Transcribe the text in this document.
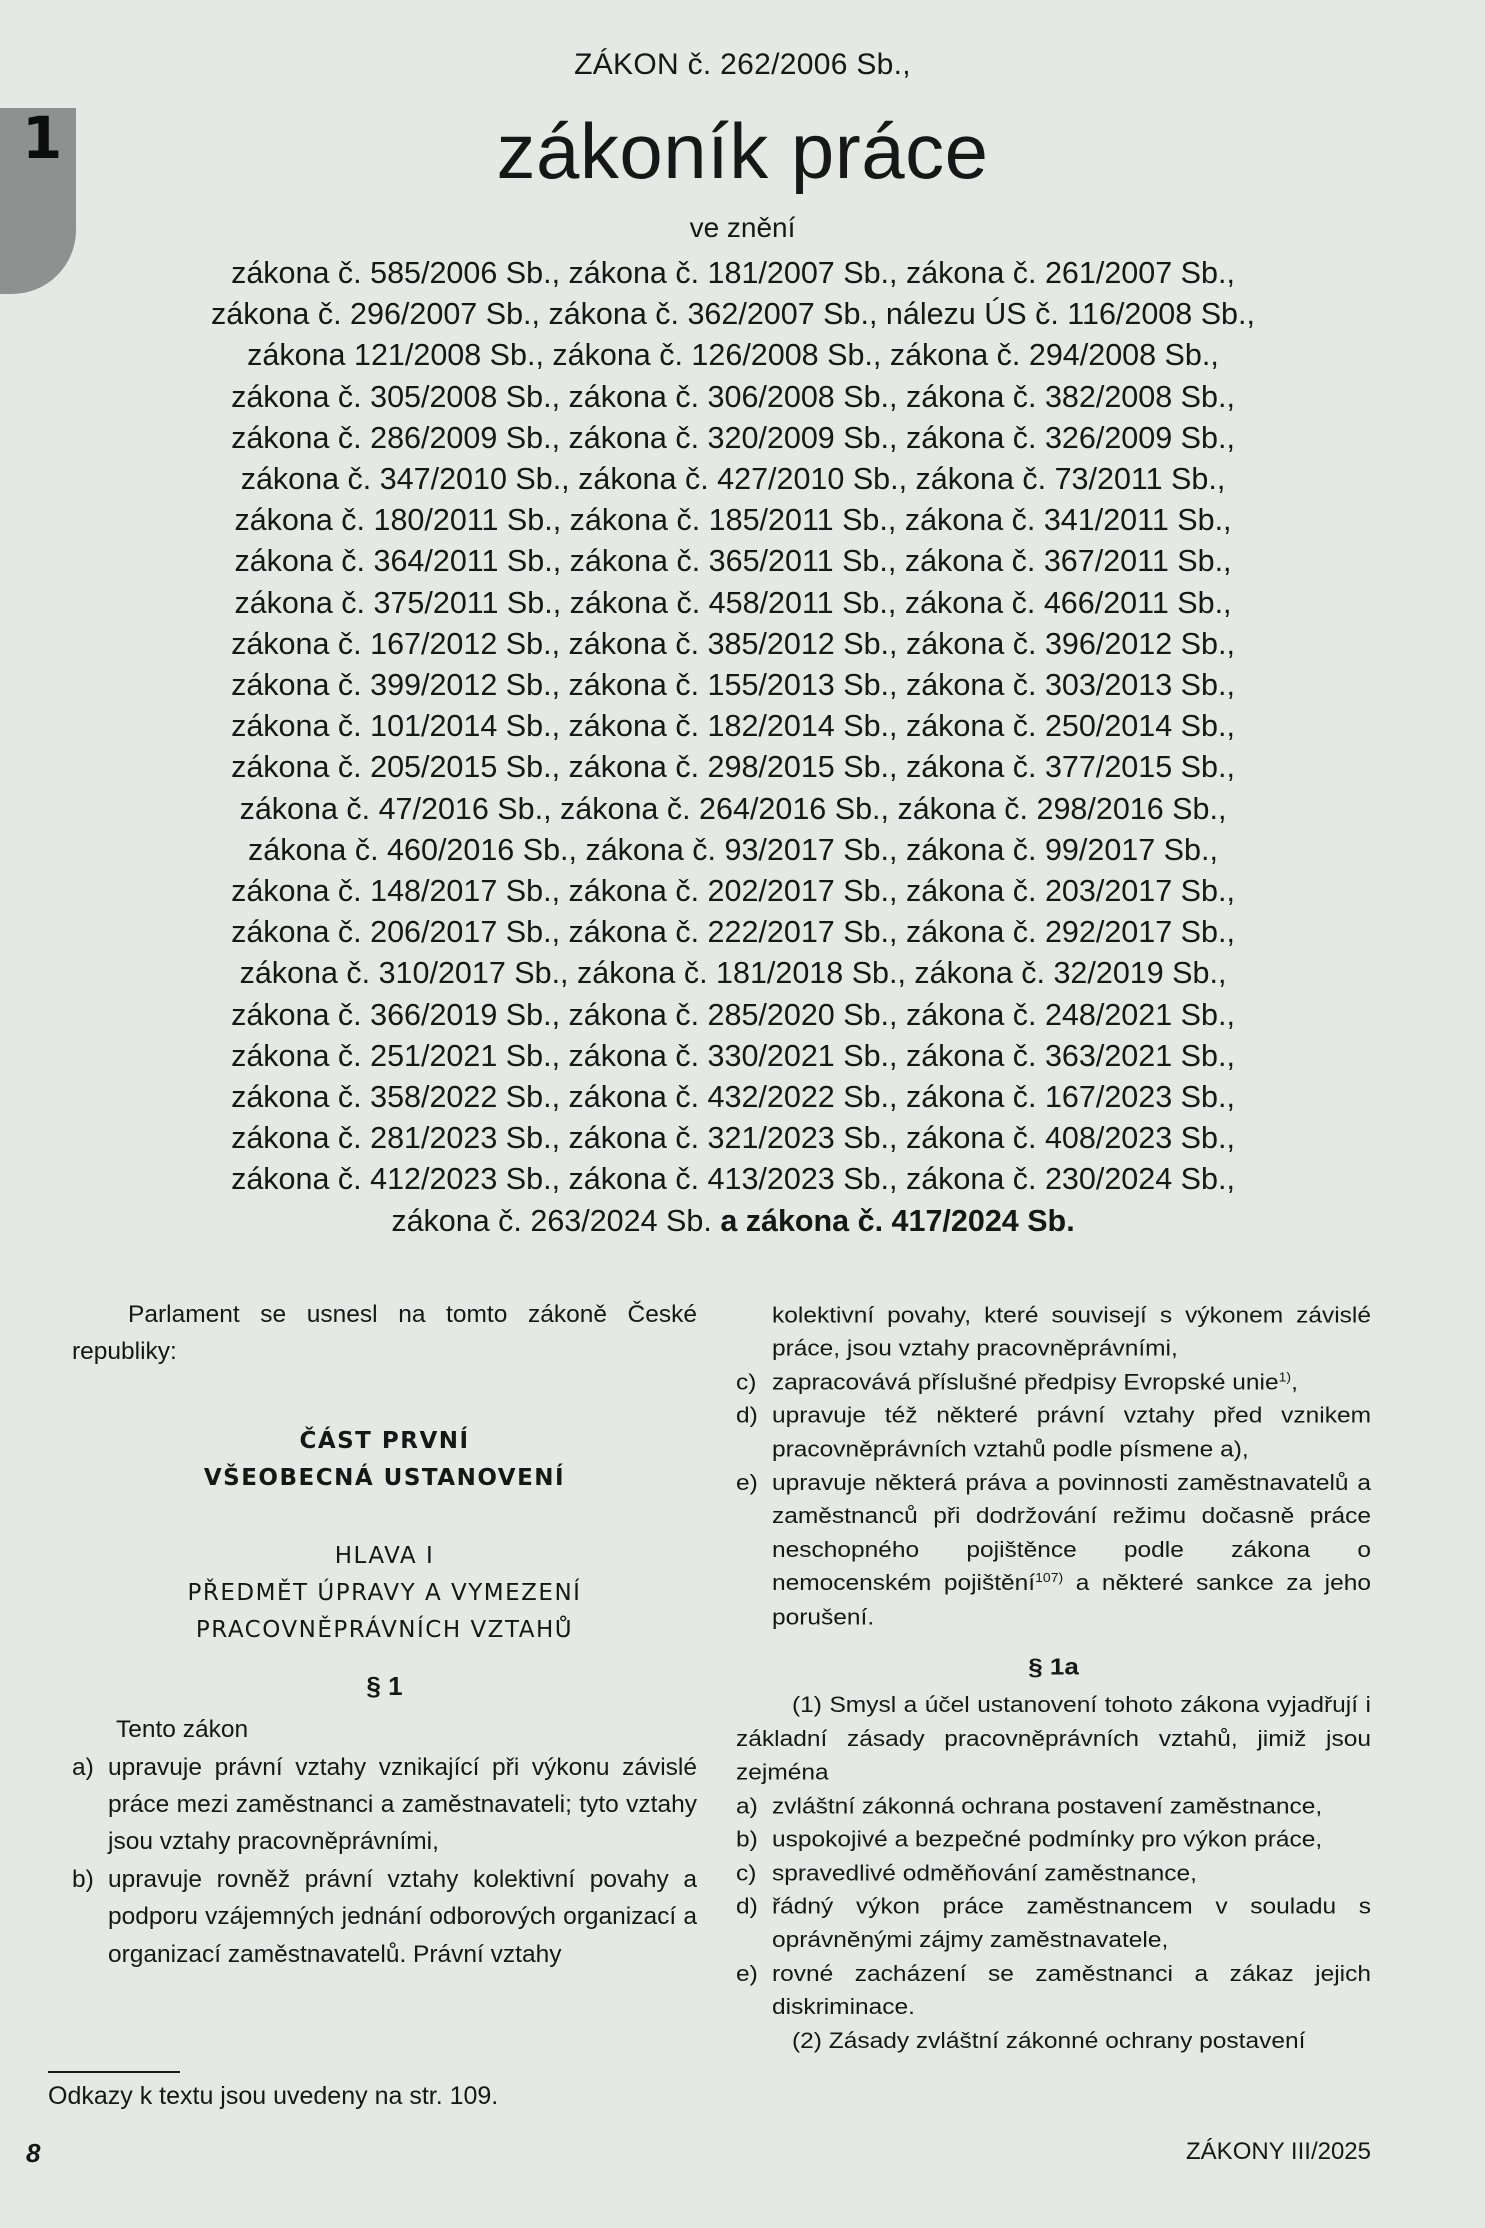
1
ZÁKON č. 262/2006 Sb.,
zákoník práce
ve znění
zákona č. 585/2006 Sb., zákona č. 181/2007 Sb., zákona č. 261/2007 Sb.,
zákona č. 296/2007 Sb., zákona č. 362/2007 Sb., nálezu ÚS č. 116/2008 Sb.,
zákona 121/2008 Sb., zákona č. 126/2008 Sb., zákona č. 294/2008 Sb.,
zákona č. 305/2008 Sb., zákona č. 306/2008 Sb., zákona č. 382/2008 Sb.,
zákona č. 286/2009 Sb., zákona č. 320/2009 Sb., zákona č. 326/2009 Sb.,
zákona č. 347/2010 Sb., zákona č. 427/2010 Sb., zákona č. 73/2011 Sb.,
zákona č. 180/2011 Sb., zákona č. 185/2011 Sb., zákona č. 341/2011 Sb.,
zákona č. 364/2011 Sb., zákona č. 365/2011 Sb., zákona č. 367/2011 Sb.,
zákona č. 375/2011 Sb., zákona č. 458/2011 Sb., zákona č. 466/2011 Sb.,
zákona č. 167/2012 Sb., zákona č. 385/2012 Sb., zákona č. 396/2012 Sb.,
zákona č. 399/2012 Sb., zákona č. 155/2013 Sb., zákona č. 303/2013 Sb.,
zákona č. 101/2014 Sb., zákona č. 182/2014 Sb., zákona č. 250/2014 Sb.,
zákona č. 205/2015 Sb., zákona č. 298/2015 Sb., zákona č. 377/2015 Sb.,
zákona č. 47/2016 Sb., zákona č. 264/2016 Sb., zákona č. 298/2016 Sb.,
zákona č. 460/2016 Sb., zákona č. 93/2017 Sb., zákona č. 99/2017 Sb.,
zákona č. 148/2017 Sb., zákona č. 202/2017 Sb., zákona č. 203/2017 Sb.,
zákona č. 206/2017 Sb., zákona č. 222/2017 Sb., zákona č. 292/2017 Sb.,
zákona č. 310/2017 Sb., zákona č. 181/2018 Sb., zákona č. 32/2019 Sb.,
zákona č. 366/2019 Sb., zákona č. 285/2020 Sb., zákona č. 248/2021 Sb.,
zákona č. 251/2021 Sb., zákona č. 330/2021 Sb., zákona č. 363/2021 Sb.,
zákona č. 358/2022 Sb., zákona č. 432/2022 Sb., zákona č. 167/2023 Sb.,
zákona č. 281/2023 Sb., zákona č. 321/2023 Sb., zákona č. 408/2023 Sb.,
zákona č. 412/2023 Sb., zákona č. 413/2023 Sb., zákona č. 230/2024 Sb.,
zákona č. 263/2024 Sb. a zákona č. 417/2024 Sb.

Parlament se usnesl na tomto zákoně České republiky:

ČÁST PRVNÍ

VŠEOBECNÁ USTANOVENÍ

HLAVA I

PŘEDMĚT ÚPRAVY A VYMEZENÍ

PRACOVNĚPRÁVNÍCH VZTAHŮ

§ 1

Tento zákon

a) upravuje právní vztahy vznikající při výkonu závislé práce mezi zaměstnanci a zaměstnavateli; tyto vztahy jsou vztahy pracovněprávními,
b) upravuje rovněž právní vztahy kolektivní povahy a podporu vzájemných jednání odborových organizací a organizací zaměstnavatelů. Právní vztahy

kolektivní povahy, které souvisejí s výkonem závislé práce, jsou vztahy pracovněprávními,

c) zapracovává příslušné předpisy Evropské unie$^{1)}$,
d) upravuje též některé právní vztahy před vznikem pracovněprávních vztahů podle písmene a),
e) upravuje některá práva a povinnosti zaměstnavatelů a zaměstnanců při dodržování režimu dočasně práce neschopného pojištěnce podle zákona o nemocenském pojištění$^{107)}$ a některé sankce za jeho porušení.

§ 1a

(1) Smysl a účel ustanovení tohoto zákona vyjadřují i základní zásady pracovněprávních vztahů, jimiž jsou zejména

a) zvláštní zákonná ochrana postavení zaměstnance,
b) uspokojivé a bezpečné podmínky pro výkon práce,
c) spravedlivé odměňování zaměstnance,
d) řádný výkon práce zaměstnancem v souladu s oprávněnými zájmy zaměstnavatele,
e) rovné zacházení se zaměstnanci a zákaz jejich diskriminace.

(2) Zásady zvláštní zákonné ochrany postavení

Odkazy k textu jsou uvedeny na str. 109.
8	ZÁKONY III/2025
